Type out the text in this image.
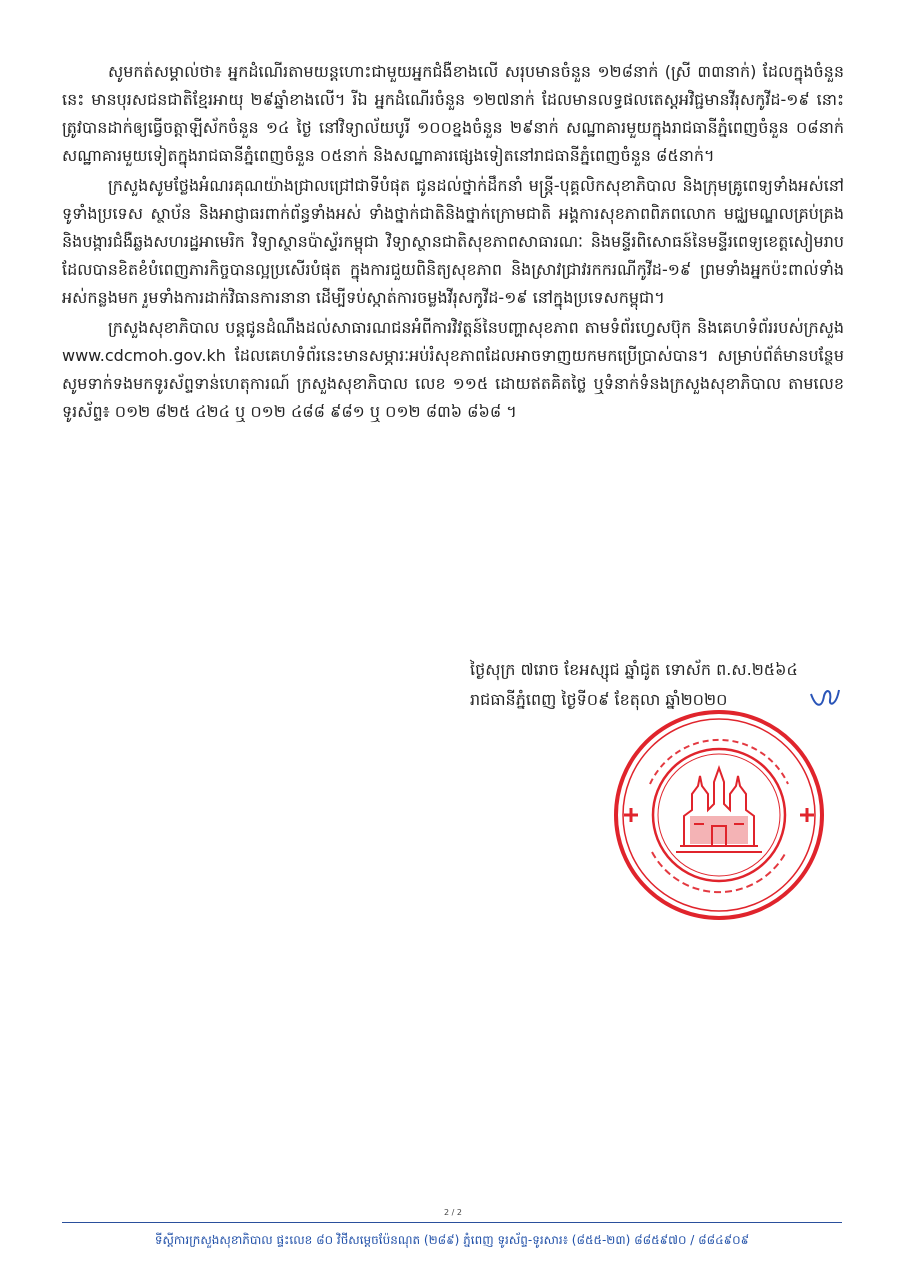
សូមកត់សម្គាល់ថា៖ អ្នកដំណើរតាមយន្តហោះជាមួយអ្នកជំងឺខាងលើ សរុបមានចំនួន ១២៨នាក់ (ស្រី ៣៣នាក់) ដែលក្នុងចំនួននេះ មានបុរសជនជាតិខ្មែរអាយុ ២៩ឆ្នាំខាងលើ។ រីឯ អ្នកដំណើរចំនួន ១២៧នាក់ ដែលមានលទ្ធផលតេស្តអវិជ្ជមានវីរុសកូវីដ-១៩ នោះ ត្រូវបានដាក់ឲ្យធ្វើចត្តាឡីស័កចំនួន ១៤ ថ្ងៃ នៅវិទ្យាល័យបូរី ១០០ខ្នងចំនួន ២៩នាក់ សណ្ឋាគារមួយក្នុងរាជធានីភ្នំពេញចំនួន ០៨នាក់ សណ្ឋាគារមួយទៀតក្នុងរាជធានីភ្នំពេញចំនួន ០៥នាក់ និងសណ្ឋាគារផ្សេងទៀតនៅរាជធានីភ្នំពេញចំនួន ៨៥នាក់។

ក្រសួងសូមថ្លែងអំណរគុណយ៉ាងជ្រាលជ្រៅជាទីបំផុត ជូនដល់ថ្នាក់ដឹកនាំ មន្ត្រី-បុគ្គលិកសុខាភិបាល និងក្រុមគ្រូពេទ្យទាំងអស់នៅទូទាំងប្រទេស ស្ថាប័ន និងអាជ្ញាធរពាក់ព័ន្ធទាំងអស់ ទាំងថ្នាក់ជាតិនិងថ្នាក់ក្រោមជាតិ អង្គការសុខភាពពិភពលោក មជ្ឈមណ្ឌលគ្រប់គ្រង និងបង្ការជំងឺឆ្លងសហរដ្ឋអាមេរិក វិទ្យាស្ថានប៉ាស្ទ័រកម្ពុជា វិទ្យាស្ថានជាតិសុខភាពសាធារណៈ និងមន្ទីរពិសោធន៍នៃមន្ទីរពេទ្យខេត្តសៀមរាប ដែលបានខិតខំបំពេញភារកិច្ចបានល្អប្រសើរបំផុត ក្នុងការជួយពិនិត្យសុខភាព និងស្រាវជ្រាវរកករណីកូវីដ-១៩ ព្រមទាំងអ្នកប៉ះពាល់ទាំងអស់កន្លងមក រួមទាំងការដាក់វិធានការនានា ដើម្បីទប់ស្កាត់ការចម្លងវីរុសកូវីដ-១៩ នៅក្នុងប្រទេសកម្ពុជា។

ក្រសួងសុខាភិបាល បន្តជូនដំណឹងដល់សាធារណជនអំពីការវិវត្តន៍នៃបញ្ហាសុខភាព តាមទំព័រហ្វេសប៊ុក និងគេហទំព័ររបស់ក្រសួង www.cdcmoh.gov.kh ដែលគេហទំព័រនេះមានសម្ភារៈអប់រំសុខភាពដែលអាចទាញយកមកប្រើប្រាស់បាន។ សម្រាប់ព័ត៌មានបន្ថែម សូមទាក់ទងមកទូរស័ព្ទទាន់ហេតុការណ៍ ក្រសួងសុខាភិបាល លេខ ១១៥ ដោយឥតគិតថ្លៃ ឬទំនាក់ទំនងក្រសួងសុខាភិបាល តាមលេខទូរស័ព្ទ៖ ០១២ ៨២៥ ៤២៤ ឬ ០១២ ៤៨៨ ៩៨១ ឬ ០១២ ៨៣៦ ៨៦៨ ។

ថ្ងៃសុក្រ ៧រោច ខែអស្សុជ ឆ្នាំជូត ទោស័ក ព.ស.២៥៦៤
រាជធានីភ្នំពេញ ថ្ងៃទី០៩ ខែតុលា ឆ្នាំ២០២០
2 / 2
ទីស្តីការក្រសួងសុខាភិបាល ផ្ទះលេខ ៨០ វិថីសម្តេចប៉ែនណុត (២៨៩) ភ្នំពេញ ទូរស័ព្ទ-ទូរសារ៖ (៨៥៥-២៣) ៨៨៥៩៧០ / ៨៨៤៩០៩
